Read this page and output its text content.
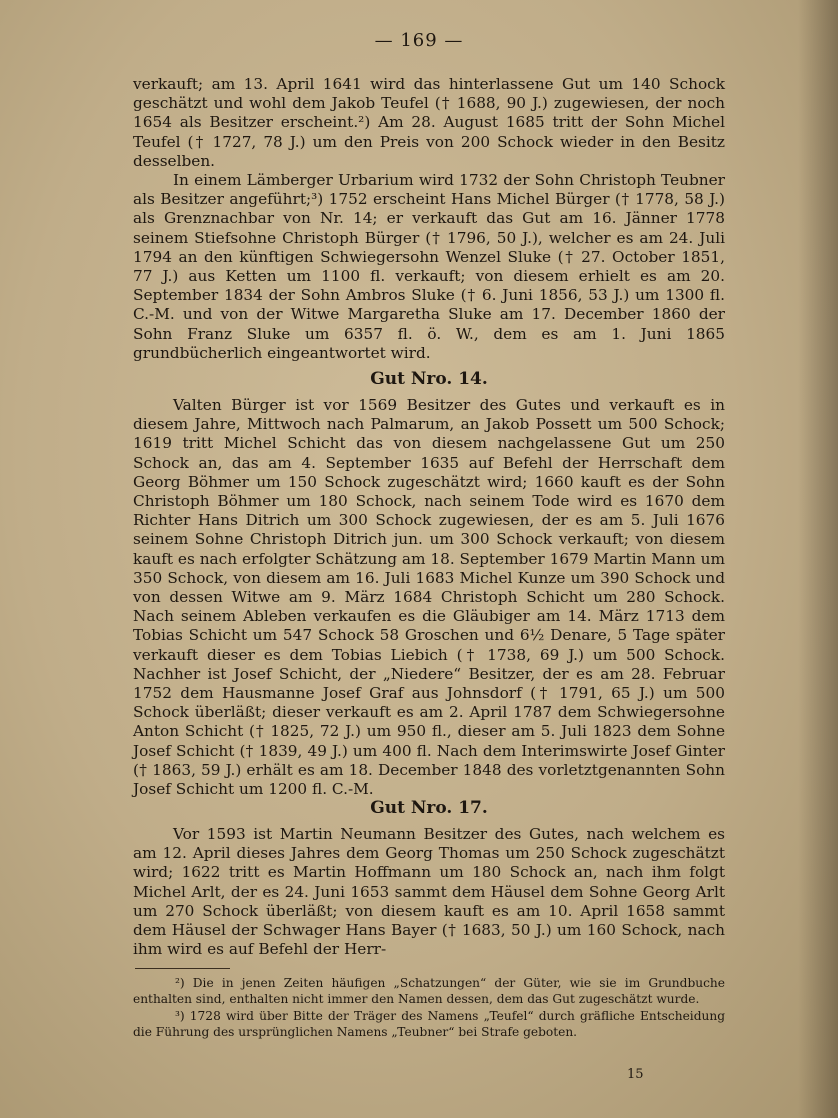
— 169 —

verkauft; am 13. April 1641 wird das hinterlassene Gut um 140 Schock geschätzt und wohl dem Jakob Teufel († 1688, 90 J.) zugewiesen, der noch 1654 als Besitzer erscheint.²) Am 28. August 1685 tritt der Sohn Michel Teufel († 1727, 78 J.) um den Preis von 200 Schock wieder in den Besitz desselben.

In einem Lämberger Urbarium wird 1732 der Sohn Christoph Teubner als Besitzer angeführt;³) 1752 erscheint Hans Michel Bürger († 1778, 58 J.) als Grenznachbar von Nr. 14; er verkauft das Gut am 16. Jänner 1778 seinem Stiefsohne Christoph Bürger († 1796, 50 J.), welcher es am 24. Juli 1794 an den künftigen Schwiegersohn Wenzel Sluke († 27. October 1851, 77 J.) aus Ketten um 1100 fl. verkauft; von diesem erhielt es am 20. September 1834 der Sohn Ambros Sluke († 6. Juni 1856, 53 J.) um 1300 fl. C.-M. und von der Witwe Margaretha Sluke am 17. December 1860 der Sohn Franz Sluke um 6357 fl. ö. W., dem es am 1. Juni 1865 grundbücherlich eingeantwortet wird.

Gut Nro. 14.

Valten Bürger ist vor 1569 Besitzer des Gutes und verkauft es in diesem Jahre, Mittwoch nach Palmarum, an Jakob Possett um 500 Schock; 1619 tritt Michel Schicht das von diesem nachgelassene Gut um 250 Schock an, das am 4. September 1635 auf Befehl der Herrschaft dem Georg Böhmer um 150 Schock zugeschätzt wird; 1660 kauft es der Sohn Christoph Böhmer um 180 Schock, nach seinem Tode wird es 1670 dem Richter Hans Ditrich um 300 Schock zugewiesen, der es am 5. Juli 1676 seinem Sohne Christoph Ditrich jun. um 300 Schock verkauft; von diesem kauft es nach erfolgter Schätzung am 18. September 1679 Martin Mann um 350 Schock, von diesem am 16. Juli 1683 Michel Kunze um 390 Schock und von dessen Witwe am 9. März 1684 Christoph Schicht um 280 Schock. Nach seinem Ableben verkaufen es die Gläubiger am 14. März 1713 dem Tobias Schicht um 547 Schock 58 Groschen und 6½ Denare, 5 Tage später verkauft dieser es dem Tobias Liebich († 1738, 69 J.) um 500 Schock. Nachher ist Josef Schicht, der „Niedere“ Besitzer, der es am 28. Februar 1752 dem Hausmanne Josef Graf aus Johnsdorf († 1791, 65 J.) um 500 Schock überläßt; dieser verkauft es am 2. April 1787 dem Schwiegersohne Anton Schicht († 1825, 72 J.) um 950 fl., dieser am 5. Juli 1823 dem Sohne Josef Schicht († 1839, 49 J.) um 400 fl. Nach dem Interimswirte Josef Ginter († 1863, 59 J.) erhält es am 18. December 1848 des vorletztgenannten Sohn Josef Schicht um 1200 fl. C.-M.

Gut Nro. 17.

Vor 1593 ist Martin Neumann Besitzer des Gutes, nach welchem es am 12. April dieses Jahres dem Georg Thomas um 250 Schock zugeschätzt wird; 1622 tritt es Martin Hoffmann um 180 Schock an, nach ihm folgt Michel Arlt, der es 24. Juni 1653 sammt dem Häusel dem Sohne Georg Arlt um 270 Schock überläßt; von diesem kauft es am 10. April 1658 sammt dem Häusel der Schwager Hans Bayer († 1683, 50 J.) um 160 Schock, nach ihm wird es auf Befehl der Herr-

²) Die in jenen Zeiten häufigen „Schatzungen“ der Güter, wie sie im Grundbuche enthalten sind, enthalten nicht immer den Namen dessen, dem das Gut zugeschätzt wurde.

³) 1728 wird über Bitte der Träger des Namens „Teufel“ durch gräfliche Entscheidung die Führung des ursprünglichen Namens „Teubner“ bei Strafe geboten.

15
